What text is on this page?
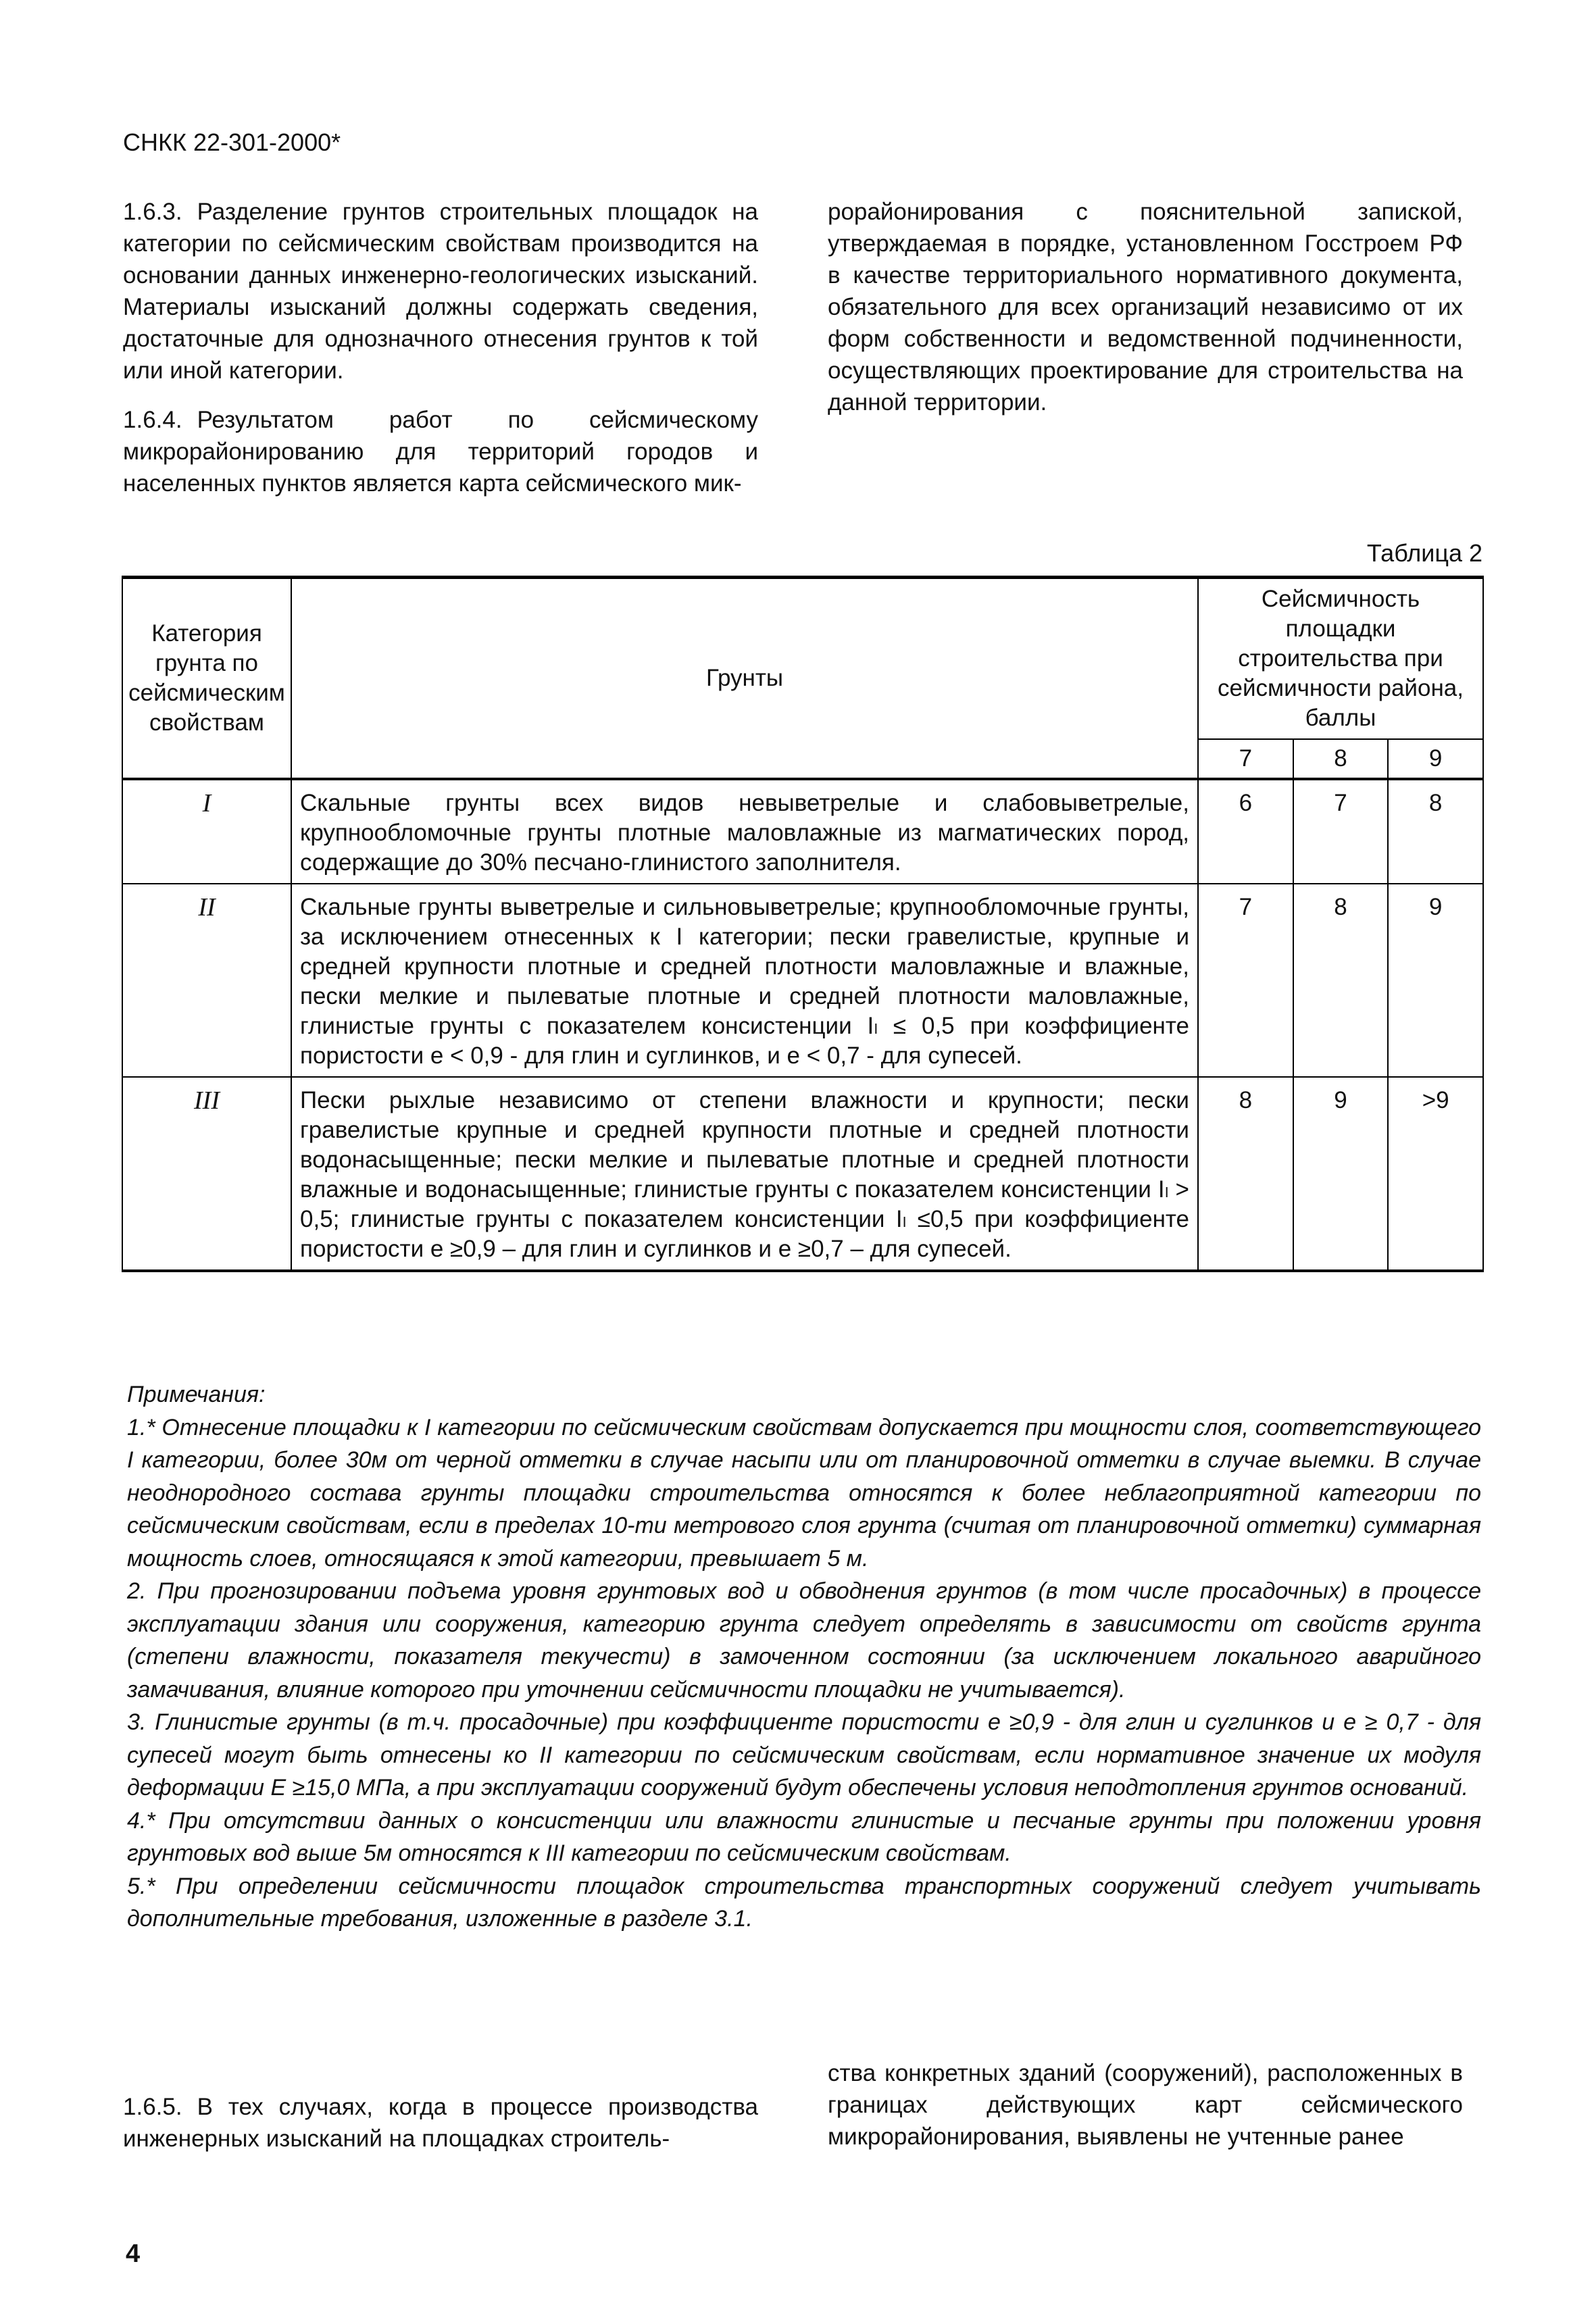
СНКК 22-301-2000*

1.6.3. Разделение грунтов строительных площадок на категории по сейсмическим свойствам производится на основании данных инженерно-геологических изысканий. Материалы изысканий должны содержать сведения, достаточные для однозначного отнесения грунтов к той или иной категории.

1.6.4. Результатом работ по сейсмическому микрорайонированию для территорий городов и населенных пунктов является карта сейсмического мик-

рорайонирования с пояснительной запиской, утверждаемая в порядке, установленном Госстроем РФ в качестве территориального нормативного документа, обязательного для всех организаций независимо от их форм собственности и ведомственной подчиненности, осуществляющих проектирование для строительства на данной территории.

Таблица 2
Категория грунта по сейсмическим свойствам	Грунты	Сейсмичность площадки строительства при сейсмичности района, баллы		
		7	8	9
I	Скальные грунты всех видов невыветрелые и слабовыветрелые, крупнообломочные грунты плотные маловлажные из магматических пород, содержащие до 30% песчано-глинистого заполнителя.	6	7	8
II	Скальные грунты выветрелые и сильновыветрелые; крупнообломочные грунты, за исключением отнесенных к I категории; пески гравелистые, крупные и средней крупности плотные и средней плотности маловлажные и влажные, пески мелкие и пылеватые плотные и средней плотности маловлажные, глинистые грунты с показателем консистенции Iₗ ≤ 0,5 при коэффициенте пористости е < 0,9 - для глин и суглинков, и е < 0,7 - для супесей.	7	8	9
III	Пески рыхлые независимо от степени влажности и крупности; пески гравелистые крупные и средней крупности плотные и средней плотности водонасыщенные; пески мелкие и пылеватые плотные и средней плотности влажные и водонасыщенные; глинистые грунты с показателем консистенции Iₗ > 0,5; глинистые грунты с показателем консистенции Iₗ ≤0,5 при коэффициенте пористости е ≥0,9 – для глин и суглинков и е ≥0,7 – для супесей.	8	9	>9

Примечания:

1.* Отнесение площадки к I категории по сейсмическим свойствам допускается при мощности слоя, соответствующего I категории, более 30м от черной отметки в случае насыпи или от планировочной отметки в случае выемки. В случае неоднородного состава грунты площадки строительства относятся к более неблагоприятной категории по сейсмическим свойствам, если в пределах 10-ти метрового слоя грунта (считая от планировочной отметки) суммарная мощность слоев, относящаяся к этой категории, превышает 5 м.

2. При прогнозировании подъема уровня грунтовых вод и обводнения грунтов (в том числе просадочных) в процессе эксплуатации здания или сооружения, категорию грунта следует определять в зависимости от свойств грунта (степени влажности, показателя текучести) в замоченном состоянии (за исключением локального аварийного замачивания, влияние которого при уточнении сейсмичности площадки не учитывается).

3. Глинистые грунты (в т.ч. просадочные) при коэффициенте пористости е ≥0,9 - для глин и суглинков и е ≥ 0,7 - для супесей могут быть отнесены ко II категории по сейсмическим свойствам, если нормативное значение их модуля деформации Е ≥15,0 МПа, а при эксплуатации сооружений будут обеспечены условия неподтопления грунтов оснований.

4.* При отсутствии данных о консистенции или влажности глинистые и песчаные грунты при положении уровня грунтовых вод выше 5м относятся к III категории по сейсмическим свойствам.

5.* При определении сейсмичности площадок строительства транспортных сооружений следует учитывать дополнительные требования, изложенные в разделе 3.1.

1.6.5. В тех случаях, когда в процессе производства инженерных изысканий на площадках строитель-
ства конкретных зданий (сооружений), расположенных в границах действующих карт сейсмического микрорайонирования, выявлены не учтенные ранее
4
